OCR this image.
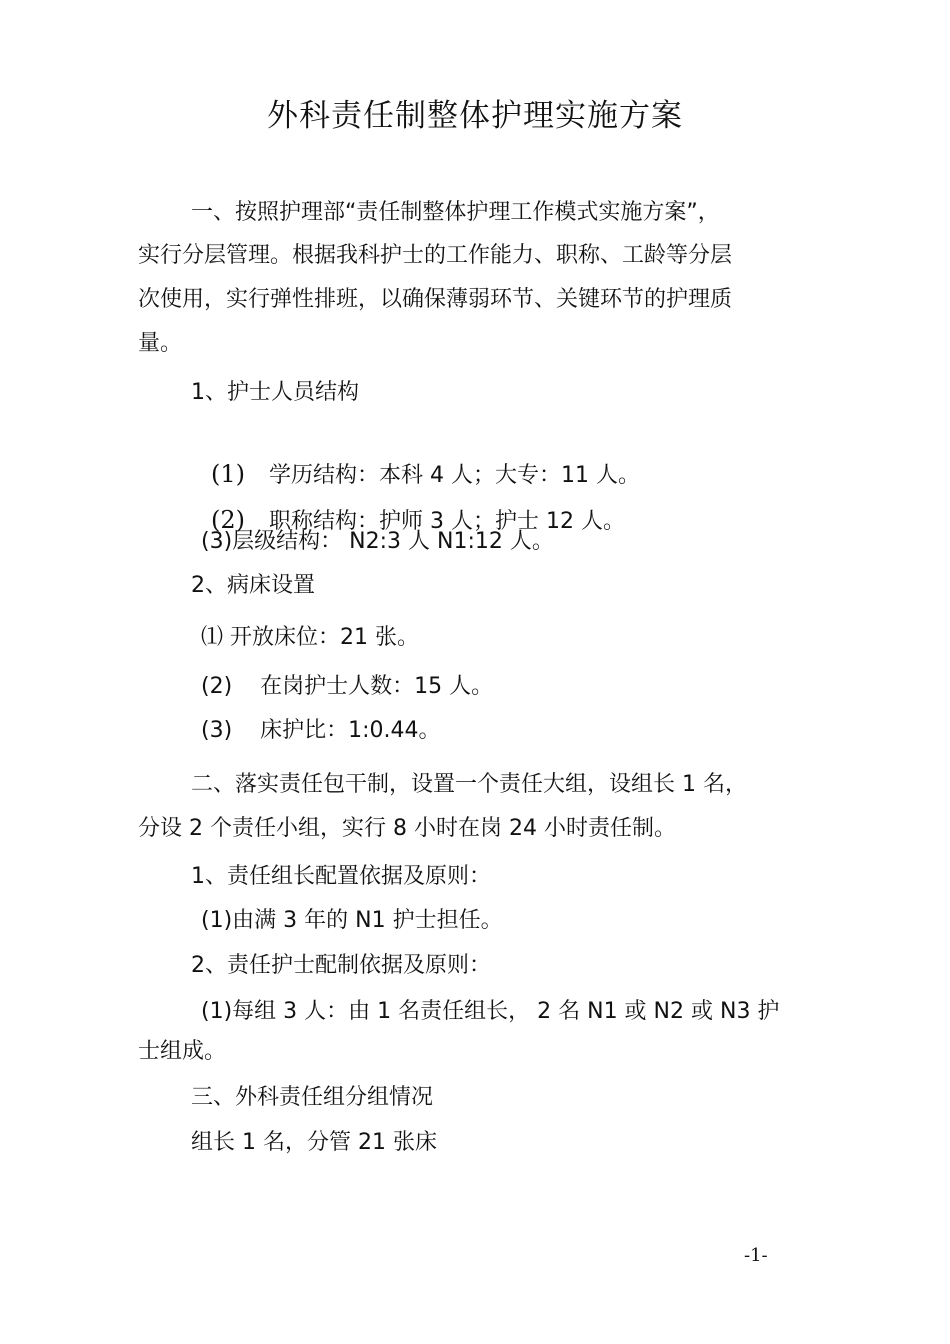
外科责任制整体护理实施方案

一、按照护理部“责任制整体护理工作模式实施方案”，

实行分层管理。根据我科护士的工作能力、职称、工龄等分层

次使用，实行弹性排班，以确保薄弱环节、关键环节的护理质

量。

1、护士人员结构

(1) 学历结构：本科 4 人；大专：11 人。

(2) 职称结构：护师 3 人；护士 12 人。

(3)层级结构： N2:3 人 N1:12 人。

2、病床设置

⑴ 开放床位：21 张。

(2)    在岗护士人数：15 人。

(3)    床护比：1:0.44。

二、落实责任包干制，设置一个责任大组，设组长 1 名，

分设 2 个责任小组，实行 8 小时在岗 24 小时责任制。

1、责任组长配置依据及原则：

(1)由满 3 年的 N1 护士担任。

2、责任护士配制依据及原则：

(1)每组 3 人：由 1 名责任组长， 2 名 N1 或 N2 或 N3 护

士组成。

三、外科责任组分组情况

组长 1 名，分管 21 张床

-1-
